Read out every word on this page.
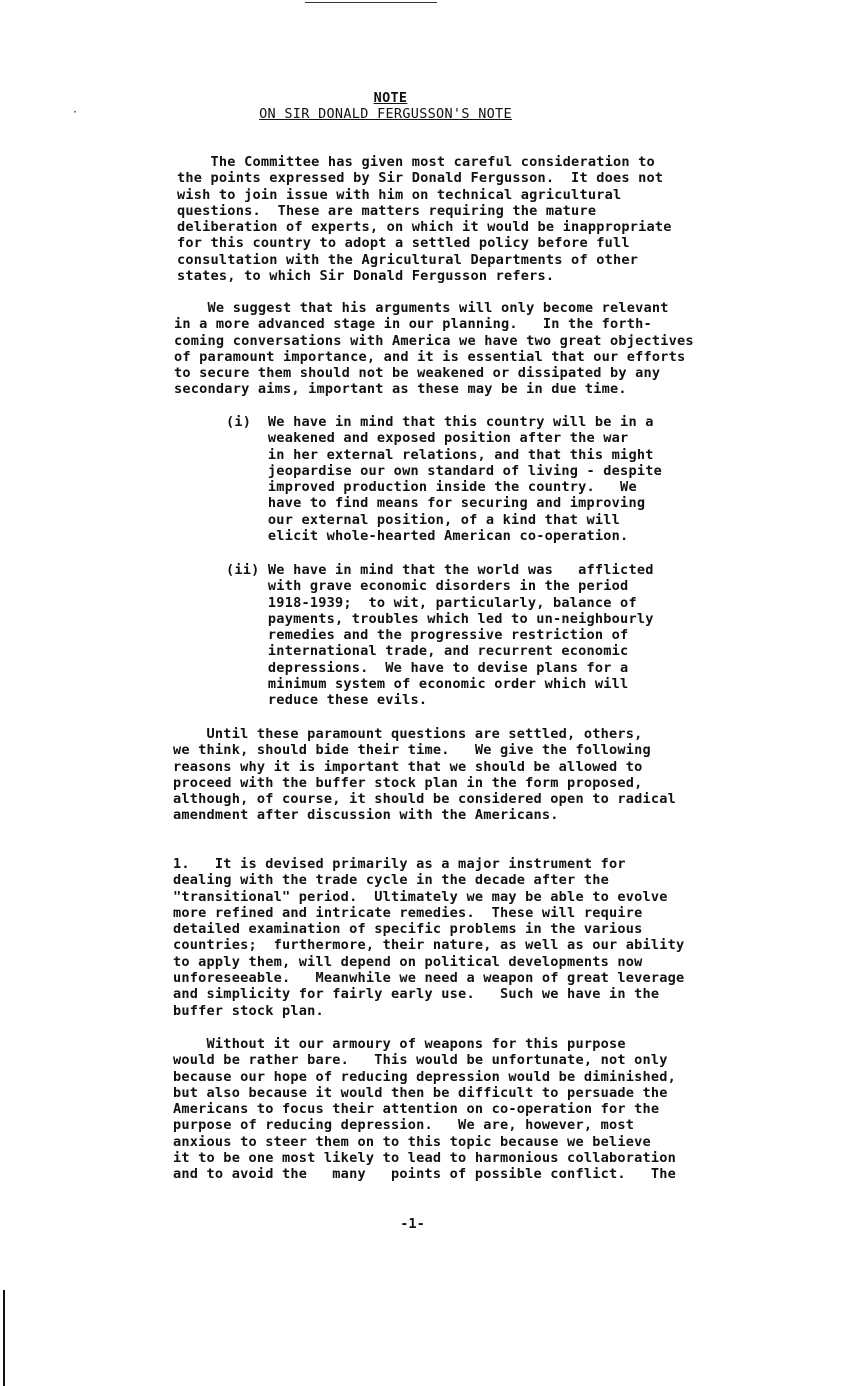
·
NOTE
ON SIR DONALD FERGUSSON'S NOTE
The Committee has given most careful consideration to
the points expressed by Sir Donald Fergusson.  It does not
wish to join issue with him on technical agricultural
questions.  These are matters requiring the mature
deliberation of experts, on which it would be inappropriate
for this country to adopt a settled policy before full
consultation with the Agricultural Departments of other
states, to which Sir Donald Fergusson refers.
We suggest that his arguments will only become relevant
in a more advanced stage in our planning.   In the forth-
coming conversations with America we have two great objectives
of paramount importance, and it is essential that our efforts
to secure them should not be weakened or dissipated by any
secondary aims, important as these may be in due time.
(i)  We have in mind that this country will be in a
weakened and exposed position after the war
in her external relations, and that this might
jeopardise our own standard of living - despite
improved production inside the country.   We
have to find means for securing and improving
our external position, of a kind that will
elicit whole-hearted American co-operation.
(ii) We have in mind that the world was   afflicted
with grave economic disorders in the period
1918-1939;  to wit, particularly, balance of
payments, troubles which led to un-neighbourly
remedies and the progressive restriction of
international trade, and recurrent economic
depressions.  We have to devise plans for a
minimum system of economic order which will
reduce these evils.
Until these paramount questions are settled, others,
we think, should bide their time.   We give the following
reasons why it is important that we should be allowed to
proceed with the buffer stock plan in the form proposed,
although, of course, it should be considered open to radical
amendment after discussion with the Americans.
1.   It is devised primarily as a major instrument for
dealing with the trade cycle in the decade after the
"transitional" period.  Ultimately we may be able to evolve
more refined and intricate remedies.  These will require
detailed examination of specific problems in the various
countries;  furthermore, their nature, as well as our ability
to apply them, will depend on political developments now
unforeseeable.   Meanwhile we need a weapon of great leverage
and simplicity for fairly early use.   Such we have in the
buffer stock plan.
Without it our armoury of weapons for this purpose
would be rather bare.   This would be unfortunate, not only
because our hope of reducing depression would be diminished,
but also because it would then be difficult to persuade the
Americans to focus their attention on co-operation for the
purpose of reducing depression.   We are, however, most
anxious to steer them on to this topic because we believe
it to be one most likely to lead to harmonious collaboration
and to avoid the   many   points of possible conflict.   The
-1-
